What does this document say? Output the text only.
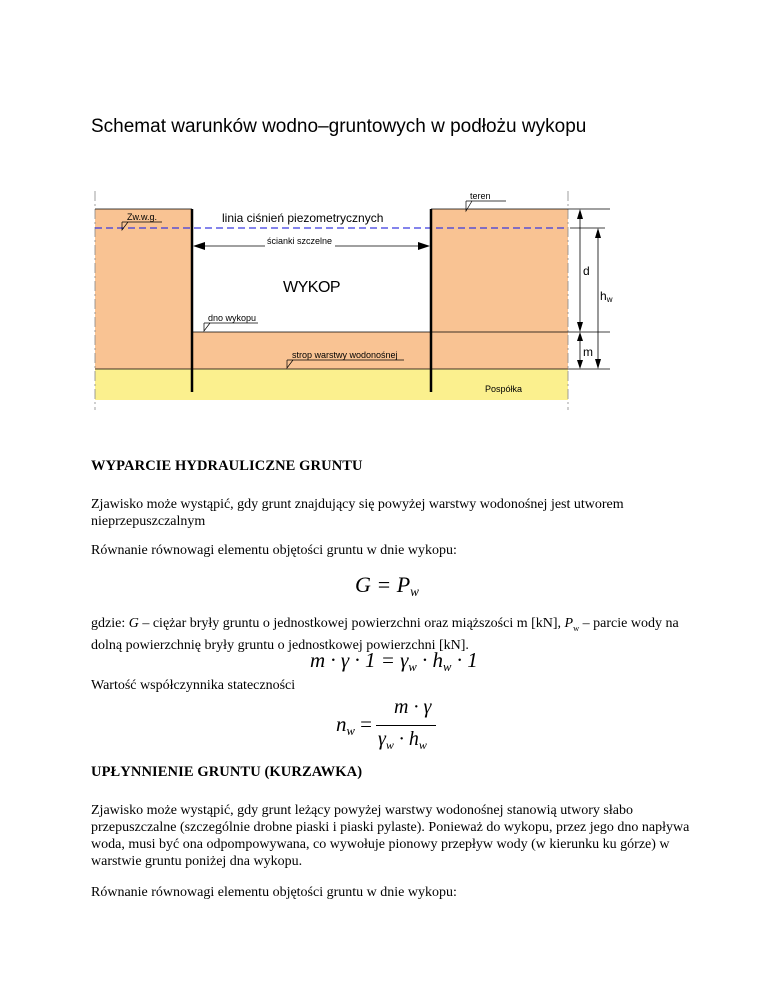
Schemat warunków wodno–gruntowych w podłożu wykopu
teren
Zw.w.g.	linia ciśnień piezometrycznych
ścianki szczelne
WYKOP
dno wykopu
strop warstwy wodonośnej
Pospółka
d
hw
m
WYPARCIE HYDRAULICZNE GRUNTU
Zjawisko może wystąpić, gdy grunt znajdujący się powyżej warstwy wodonośnej jest utworem nieprzepuszczalnym
Równanie równowagi elementu objętości gruntu w dnie wykopu:
$G = P_w$
gdzie: G – ciężar bryły gruntu o jednostkowej powierzchni oraz miąższości m [kN], $P_w$ – parcie wody na dolną powierzchnię bryły gruntu o jednostkowej powierzchni [kN].
$m \cdot \gamma \cdot 1 = \gamma_w \cdot h_w \cdot 1$
Wartość współczynnika stateczności
$n_w$ =
m · γ
$\gamma_w \cdot h_w$
UPŁYNNIENIE GRUNTU (KURZAWKA)
Zjawisko może wystąpić, gdy grunt leżący powyżej warstwy wodonośnej stanowią utwory słabo przepuszczalne (szczególnie drobne piaski i piaski pylaste). Ponieważ do wykopu, przez jego dno napływa woda, musi być ona odpompowywana, co wywołuje pionowy przepływ wody (w kierunku ku górze) w warstwie gruntu poniżej dna wykopu.
Równanie równowagi elementu objętości gruntu w dnie wykopu:
